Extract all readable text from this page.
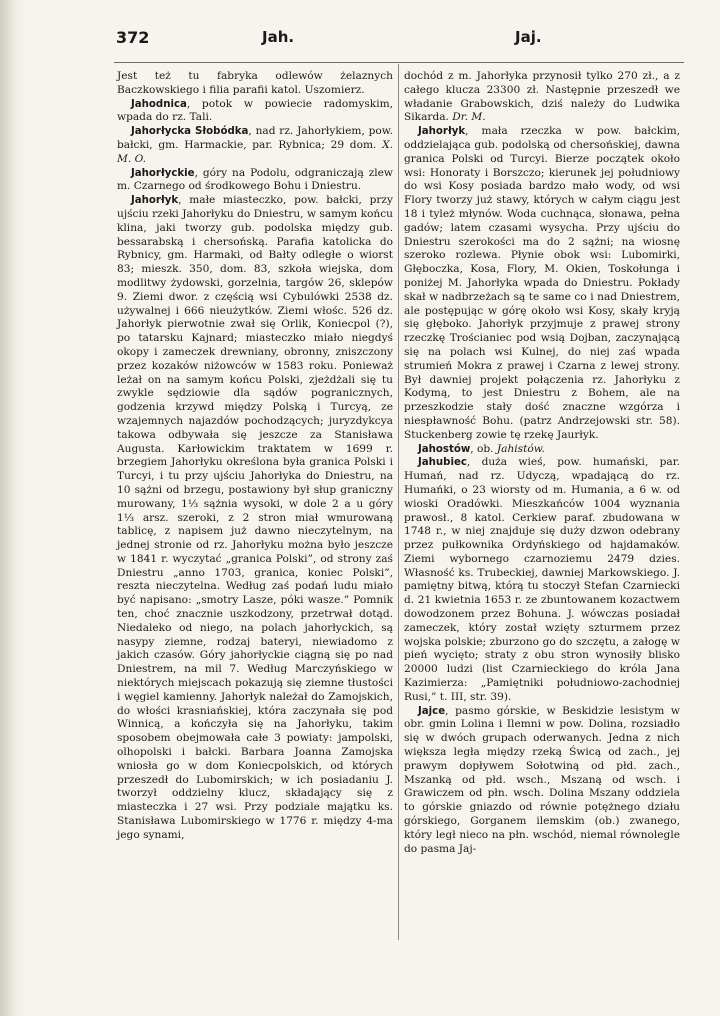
372	Jah.	Jaj.

Jest też tu fabryka odlewów żelaznych Baczkowskiego i filia parafii katol. Uszomierz.

Jahodnica, potok w powiecie radomyskim, wpada do rz. Tali.

Jahorłycka Słobódka, nad rz. Jahorłykiem, pow. bałcki, gm. Harmackie, par. Rybnica; 29 dom. X. M. O.

Jahorłyckie, góry na Podolu, odgraniczają zlew m. Czarnego od środkowego Bohu i Dniestru.

Jahorłyk, małe miasteczko, pow. bałcki, przy ujściu rzeki Jahorłyku do Dniestru, w samym końcu klina, jaki tworzy gub. podolska między gub. bessarabską i chersońską. Parafia katolicka do Rybnicy, gm. Harmaki, od Bałty odległe o wiorst 83; mieszk. 350, dom. 83, szkoła wiejska, dom modlitwy żydowski, gorzelnia, targów 26, sklepów 9. Ziemi dwor. z częścią wsi Cybulówki 2538 dz. używalnej i 666 nieużytków. Ziemi włośc. 526 dz. Jahorłyk pierwotnie zwał się Orlik, Koniecpol (?), po tatarsku Kajnard; miasteczko miało niegdyś okopy i zameczek drewniany, obronny, zniszczony przez kozaków niżowców w 1583 roku. Ponieważ leżał on na samym końcu Polski, zjeżdżali się tu zwykle sędziowie dla sądów pogranicznych, godzenia krzywd między Polską i Turcyą, ze wzajemnych najazdów pochodzących; juryzdykcya takowa odbywała się jeszcze za Stanisława Augusta. Karłowickim traktatem w 1699 r. brzegiem Jahorłyku określona była granica Polski i Turcyi, i tu przy ujściu Jahorłyka do Dniestru, na 10 sążni od brzegu, postawiony był słup graniczny murowany, 1⅓ sążnia wysoki, w dole 2 a u góry 1⅓ arsz. szeroki, z 2 stron miał wmurowaną tablicę, z napisem już dawno nieczytelnym, na jednej stronie od rz. Jahorłyku można było jeszcze w 1841 r. wyczytać „granica Polski”, od strony zaś Dniestru „anno 1703, granica, koniec Polski”, reszta nieczytelna. Według zaś podań ludu miało być napisano: „smotry Lasze, póki wasze.” Pomnik ten, choć znacznie uszkodzony, przetrwał dotąd. Niedaleko od niego, na polach jahorłyckich, są nasypy ziemne, rodzaj bateryi, niewiadomo z jakich czasów. Góry jahorłyckie ciągną się po nad Dniestrem, na mil 7. Według Marczyńskiego w niektórych miejscach pokazują się ziemne tłustości i węgiel kamienny. Jahorłyk należał do Zamojskich, do włości krasniańskiej, która zaczynała się pod Winnicą, a kończyła się na Jahorłyku, takim sposobem obejmowała całe 3 powiaty: jampolski, olhopolski i bałcki. Barbara Joanna Zamojska wniosła go w dom Koniecpolskich, od których przeszedł do Lubomirskich; w ich posiadaniu J. tworzył oddzielny klucz, składający się z miasteczka i 27 wsi. Przy podziale majątku ks. Stanisława Lubomirskiego w 1776 r. między 4-ma jego synami,

dochód z m. Jahorłyka przynosił tylko 270 zł., a z całego klucza 23300 zł. Następnie przeszedł we władanie Grabowskich, dziś należy do Ludwika Sikarda. Dr. M.

Jahorłyk, mała rzeczka w pow. bałckim, oddzielająca gub. podolską od chersońskiej, dawna granica Polski od Turcyi. Bierze początek około wsi: Honoraty i Borszczo; kierunek jej południowy do wsi Kosy posiada bardzo mało wody, od wsi Flory tworzy już stawy, których w całym ciągu jest 18 i tyleż młynów. Woda cuchnąca, słonawa, pełna gadów; latem czasami wysycha. Przy ujściu do Dniestru szerokości ma do 2 sążni; na wiosnę szeroko rozlewa. Płynie obok wsi: Lubomirki, Głęboczka, Kosa, Flory, M. Okien, Toskołunga i poniżej M. Jahorłyka wpada do Dniestru. Pokłady skał w nadbrzeżach są te same co i nad Dniestrem, ale postępując w górę około wsi Kosy, skały kryją się głęboko. Jahorłyk przyjmuje z prawej strony rzeczkę Trościaniec pod wsią Dojban, zaczynającą się na polach wsi Kulnej, do niej zaś wpada strumień Mokra z prawej i Czarna z lewej strony. Był dawniej projekt połączenia rz. Jahorłyku z Kodymą, to jest Dniestru z Bohem, ale na przeszkodzie stały dość znaczne wzgórza i niespławność Bohu. (patrz Andrzejowski str. 58). Stuckenberg zowie tę rzekę Jaurłyk.

Jahostów, ob. Jahistów.

Jahubiec, duża wieś, pow. humański, par. Humań, nad rz. Udyczą, wpadającą do rz. Humańki, o 23 wiorsty od m. Humania, a 6 w. od wioski Oradówki. Mieszkańców 1004 wyznania prawosł., 8 katol. Cerkiew paraf. zbudowana w 1748 r., w niej znajduje się duży dzwon odebrany przez pułkownika Ordyńskiego od hajdamaków. Ziemi wybornego czarnoziemu 2479 dzies. Własność ks. Trubeckiej, dawniej Markowskiego. J. pamiętny bitwą, którą tu stoczył Stefan Czarniecki d. 21 kwietnia 1653 r. ze zbuntowanem kozactwem dowodzonem przez Bohuna. J. wówczas posiadał zameczek, który został wzięty szturmem przez wojska polskie; zburzono go do szczętu, a załogę w pień wycięto; straty z obu stron wynosiły blisko 20000 ludzi (list Czarnieckiego do króla Jana Kazimierza: „Pamiętniki południowo-zachodniej Rusi,” t. III, str. 39).

Jajce, pasmo górskie, w Beskidzie lesistym w obr. gmin Lolina i Ilemni w pow. Dolina, rozsiadło się w dwóch grupach oderwanych. Jedna z nich większa legła między rzeką Świcą od zach., jej prawym dopływem Sołotwiną od płd. zach., Mszanką od płd. wsch., Mszaną od wsch. i Grawiczem od płn. wsch. Dolina Mszany oddziela to górskie gniazdo od równie potężnego działu górskiego, Gorganem ilemskim (ob.) zwanego, który legł nieco na płn. wschód, niemal równolegle do pasma Jaj-
